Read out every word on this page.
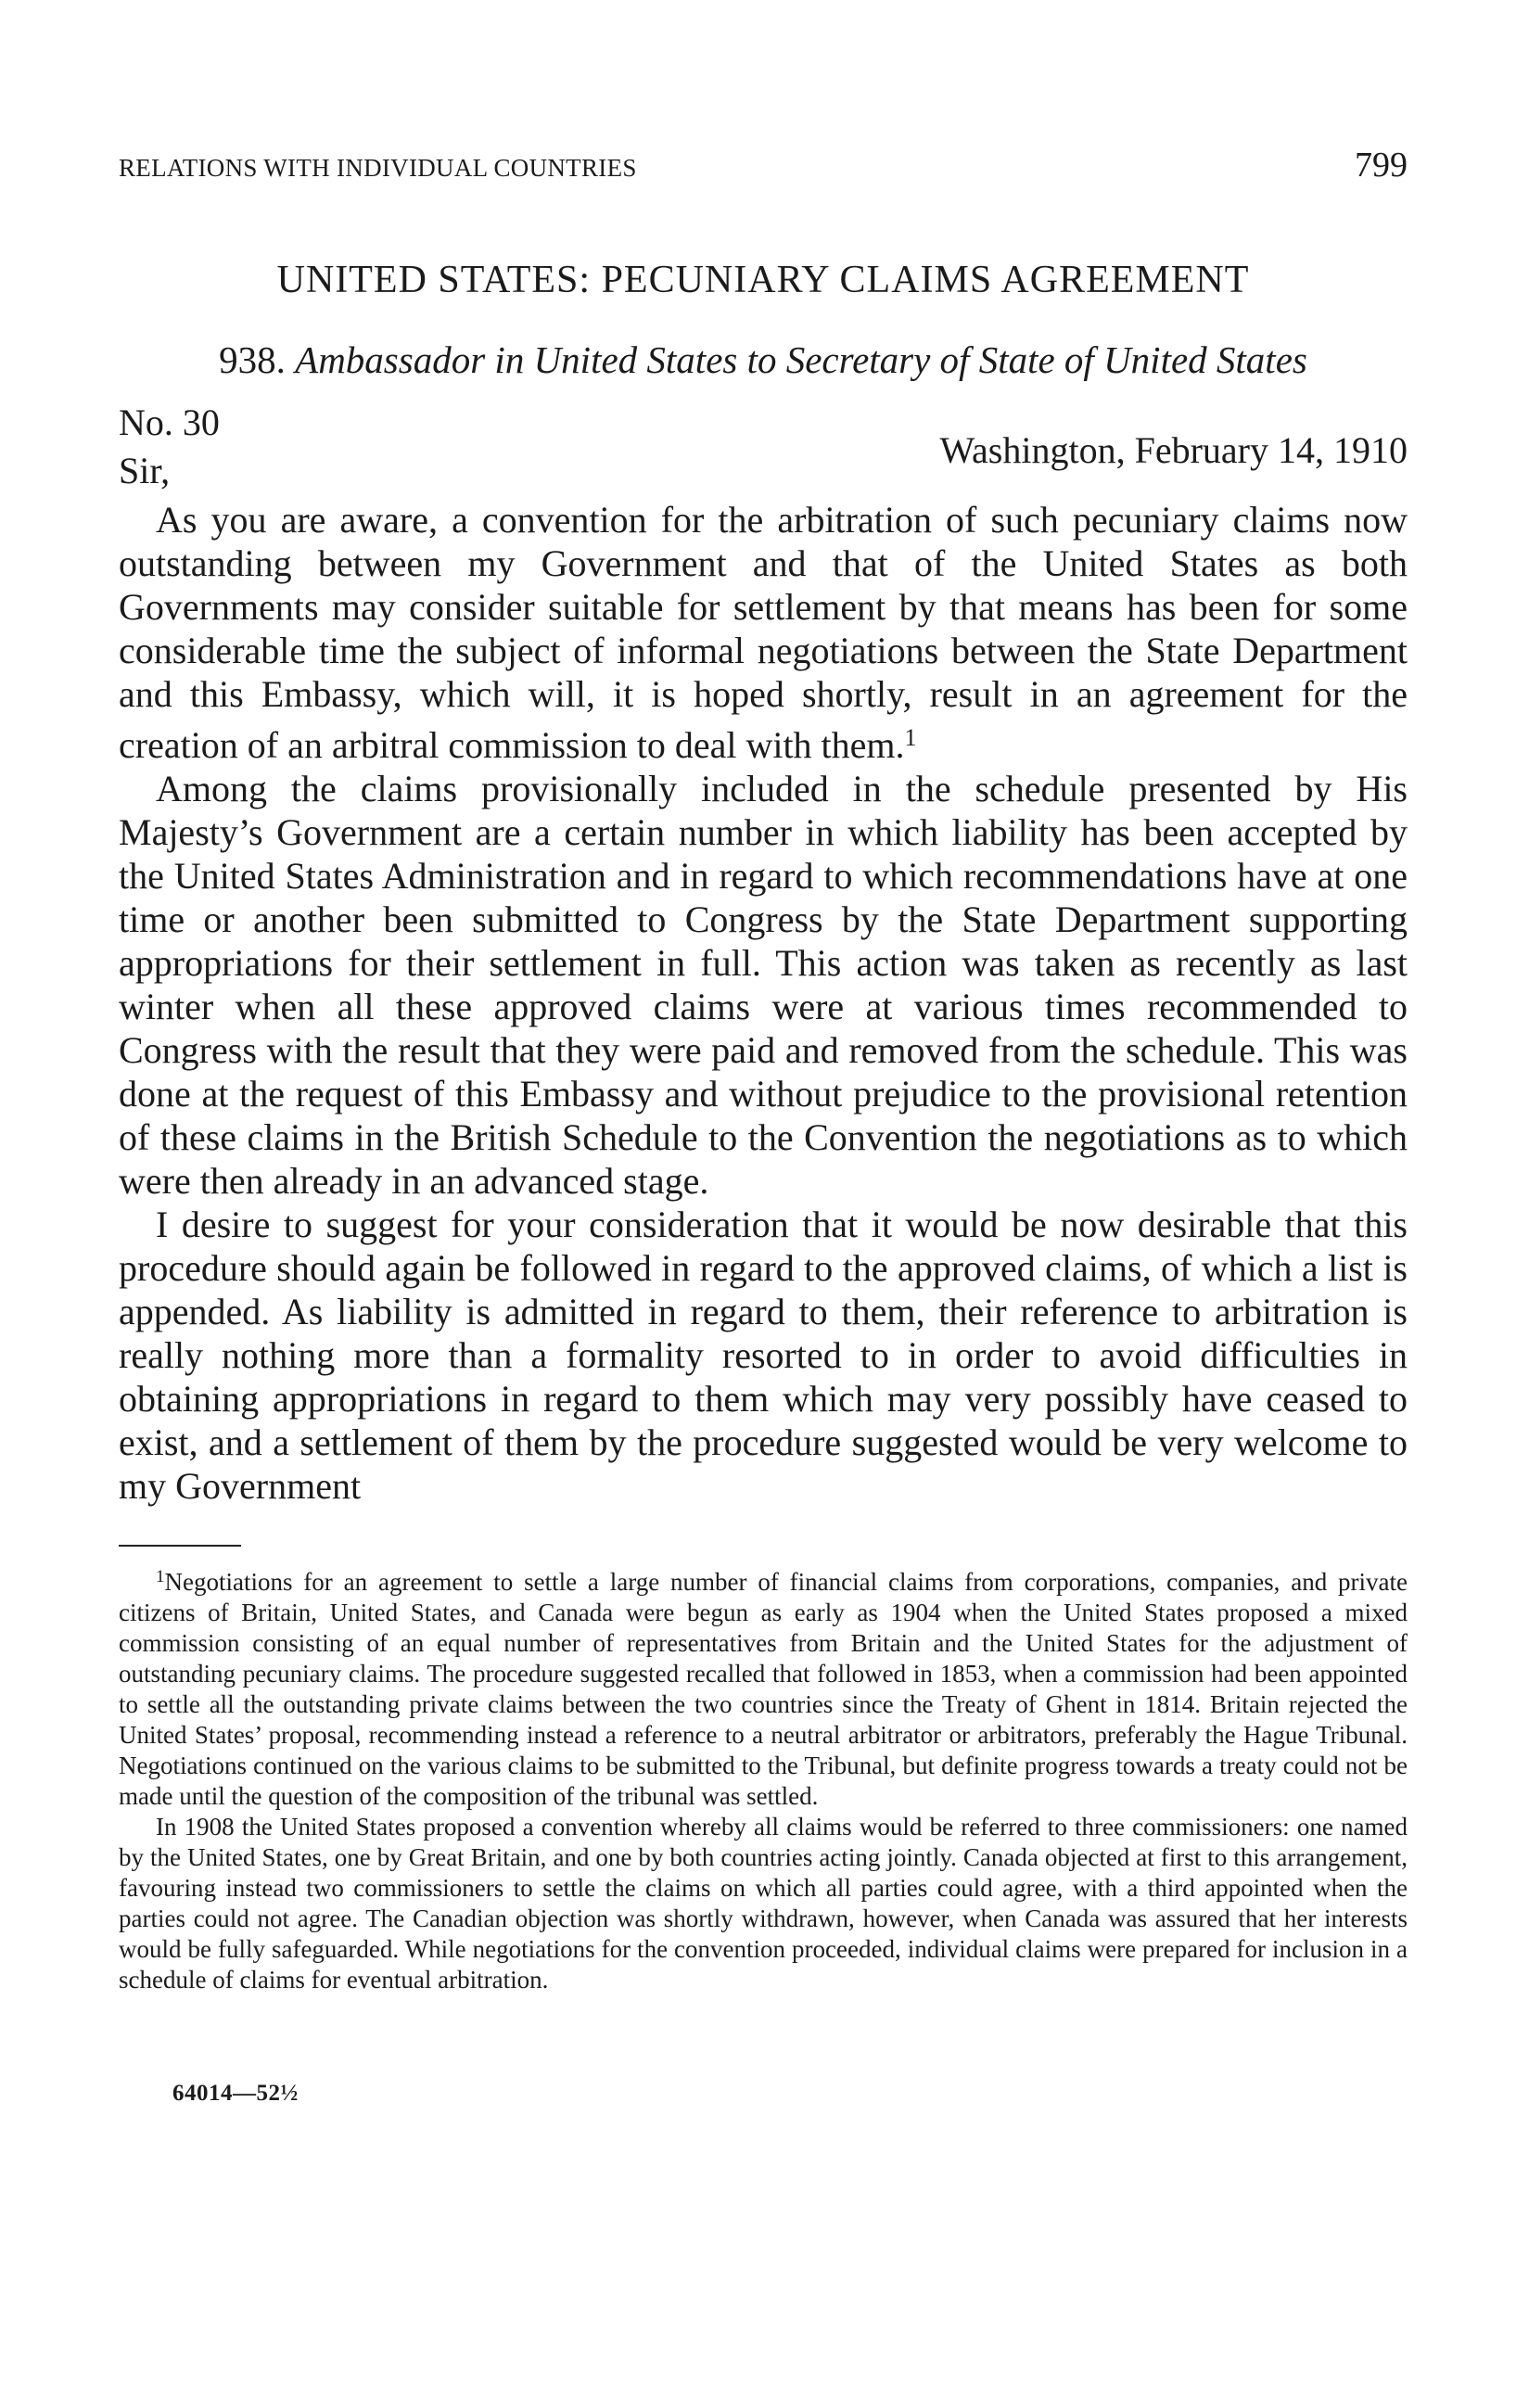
RELATIONS WITH INDIVIDUAL COUNTRIES	799
UNITED STATES: PECUNIARY CLAIMS AGREEMENT
938. Ambassador in United States to Secretary of State of United States
No. 30
Sir,	Washington, February 14, 1910

As you are aware, a convention for the arbitration of such pecuniary claims now outstanding between my Government and that of the United States as both Governments may consider suitable for settlement by that means has been for some considerable time the subject of informal negotiations between the State Department and this Embassy, which will, it is hoped shortly, result in an agreement for the creation of an arbitral commission to deal with them.$^1$

Among the claims provisionally included in the schedule presented by His Majesty’s Government are a certain number in which liability has been accepted by the United States Administration and in regard to which recommendations have at one time or another been submitted to Congress by the State Department supporting appropriations for their settlement in full. This action was taken as recently as last winter when all these approved claims were at various times recommended to Congress with the result that they were paid and removed from the schedule. This was done at the request of this Embassy and without prejudice to the provisional retention of these claims in the British Schedule to the Convention the negotiations as to which were then already in an advanced stage.

I desire to suggest for your consideration that it would be now desirable that this procedure should again be followed in regard to the approved claims, of which a list is appended. As liability is admitted in regard to them, their reference to arbitration is really nothing more than a formality resorted to in order to avoid difficulties in obtaining appropriations in regard to them which may very possibly have ceased to exist, and a settlement of them by the procedure suggested would be very welcome to my Government

$^1$Negotiations for an agreement to settle a large number of financial claims from corporations, companies, and private citizens of Britain, United States, and Canada were begun as early as 1904 when the United States proposed a mixed commission consisting of an equal number of representatives from Britain and the United States for the adjustment of outstanding pecuniary claims. The procedure suggested recalled that followed in 1853, when a commission had been appointed to settle all the outstanding private claims between the two countries since the Treaty of Ghent in 1814. Britain rejected the United States’ proposal, recommending instead a reference to a neutral arbitrator or arbitrators, preferably the Hague Tribunal. Negotiations continued on the various claims to be submitted to the Tribunal, but definite progress towards a treaty could not be made until the question of the composition of the tribunal was settled.

In 1908 the United States proposed a convention whereby all claims would be referred to three commissioners: one named by the United States, one by Great Britain, and one by both countries acting jointly. Canada objected at first to this arrangement, favouring instead two commissioners to settle the claims on which all parties could agree, with a third appointed when the parties could not agree. The Canadian objection was shortly withdrawn, however, when Canada was assured that her interests would be fully safeguarded. While negotiations for the convention proceeded, individual claims were prepared for inclusion in a schedule of claims for eventual arbitration.

64014—52½
